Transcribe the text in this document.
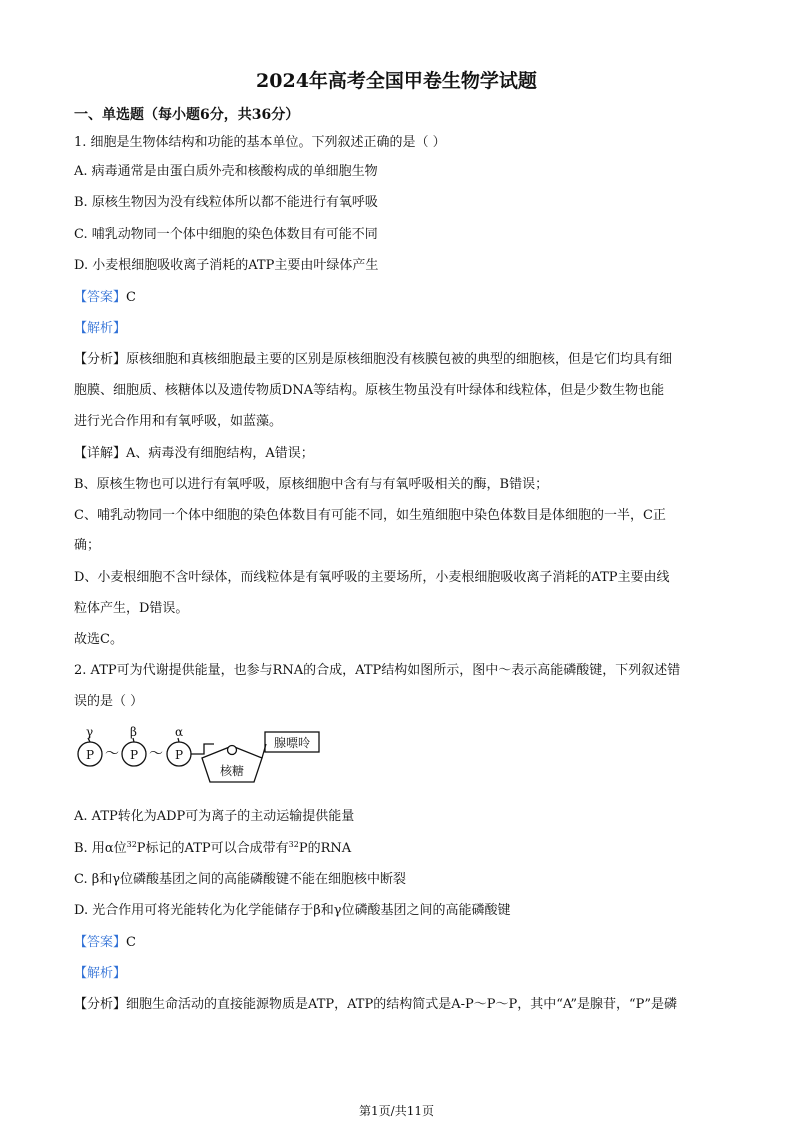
2024年高考全国甲卷生物学试题
一、单选题（每小题6分，共36分）
1. 细胞是生物体结构和功能的基本单位。下列叙述正确的是（ ）
A. 病毒通常是由蛋白质外壳和核酸构成的单细胞生物
B. 原核生物因为没有线粒体所以都不能进行有氧呼吸
C. 哺乳动物同一个体中细胞的染色体数目有可能不同
D. 小麦根细胞吸收离子消耗的ATP主要由叶绿体产生
【答案】C
【解析】
【分析】原核细胞和真核细胞最主要的区别是原核细胞没有核膜包被的典型的细胞核，但是它们均具有细
胞膜、细胞质、核糖体以及遗传物质DNA等结构。原核生物虽没有叶绿体和线粒体，但是少数生物也能
进行光合作用和有氧呼吸，如蓝藻。
【详解】A、病毒没有细胞结构，A错误；
B、原核生物也可以进行有氧呼吸，原核细胞中含有与有氧呼吸相关的酶，B错误；
C、哺乳动物同一个体中细胞的染色体数目有可能不同，如生殖细胞中染色体数目是体细胞的一半，C正
确；
D、小麦根细胞不含叶绿体，而线粒体是有氧呼吸的主要场所，小麦根细胞吸收离子消耗的ATP主要由线
粒体产生，D错误。
故选C。
2. ATP可为代谢提供能量，也参与RNA的合成，ATP结构如图所示，图中～表示高能磷酸键，下列叙述错
误的是（ ）
γ	β	α
P	P	P
～ ～
核糖
腺嘌呤
A. ATP转化为ADP可为离子的主动运输提供能量
B. 用α位$^{32}$P标记的ATP可以合成带有$^{32}$P的RNA
C. β和γ位磷酸基团之间的高能磷酸键不能在细胞核中断裂
D. 光合作用可将光能转化为化学能储存于β和γ位磷酸基团之间的高能磷酸键
【答案】C
【解析】
【分析】细胞生命活动的直接能源物质是ATP，ATP的结构简式是A-P～P～P，其中“A”是腺苷，“P”是磷
第1页/共11页
